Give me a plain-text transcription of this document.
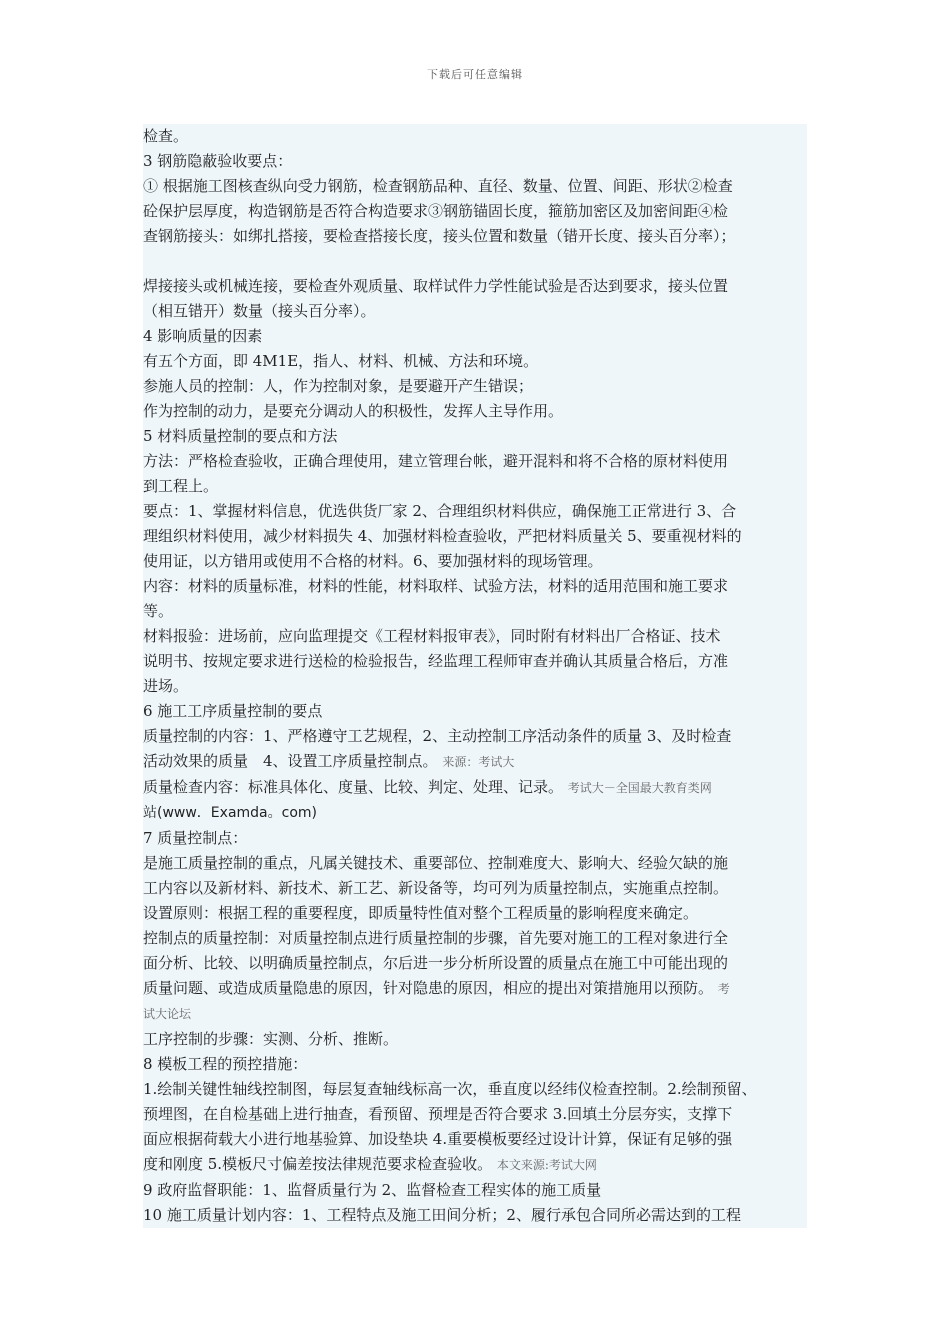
下载后可任意编辑
检查。
3 钢筋隐蔽验收要点：
① 根据施工图核查纵向受力钢筋，检查钢筋品种、直径、数量、位置、间距、形状②检查
砼保护层厚度，构造钢筋是否符合构造要求③钢筋锚固长度，箍筋加密区及加密间距④检
查钢筋接头：如绑扎搭接，要检查搭接长度，接头位置和数量（错开长度、接头百分率）；
焊接接头或机械连接，要检查外观质量、取样试件力学性能试验是否达到要求，接头位置
（相互错开）数量（接头百分率）。
4 影响质量的因素
有五个方面，即 4M1E，指人、材料、机械、方法和环境。
参施人员的控制：人，作为控制对象，是要避开产生错误；
作为控制的动力，是要充分调动人的积极性，发挥人主导作用。
5 材料质量控制的要点和方法
方法：严格检查验收，正确合理使用，建立管理台帐，避开混料和将不合格的原材料使用
到工程上。
要点：1、掌握材料信息，优选供货厂家 2、合理组织材料供应，确保施工正常进行 3、合
理组织材料使用，减少材料损失 4、加强材料检查验收，严把材料质量关 5、要重视材料的
使用证，以方错用或使用不合格的材料。6、要加强材料的现场管理。
内容：材料的质量标准，材料的性能，材料取样、试验方法，材料的适用范围和施工要求
等。
材料报验：进场前，应向监理提交《工程材料报审表》，同时附有材料出厂合格证、技术
说明书、按规定要求进行送检的检验报告，经监理工程师审查并确认其质量合格后，方准
进场。
6 施工工序质量控制的要点
质量控制的内容：1、严格遵守工艺规程，2、主动控制工序活动条件的质量 3、及时检查
活动效果的质量　4、设置工序质量控制点。 来源：考试大
质量检查内容：标准具体化、度量、比较、判定、处理、记录。 考试大－全国最大教育类网
站(www．Examda。com)
7 质量控制点：
是施工质量控制的重点，凡属关键技术、重要部位、控制难度大、影响大、经验欠缺的施
工内容以及新材料、新技术、新工艺、新设备等，均可列为质量控制点，实施重点控制。
设置原则：根据工程的重要程度，即质量特性值对整个工程质量的影响程度来确定。
控制点的质量控制：对质量控制点进行质量控制的步骤，首先要对施工的工程对象进行全
面分析、比较、以明确质量控制点，尔后进一步分析所设置的质量点在施工中可能出现的
质量问题、或造成质量隐患的原因，针对隐患的原因，相应的提出对策措施用以预防。 考
试大论坛
工序控制的步骤：实测、分析、推断。
8 模板工程的预控措施：
1.绘制关键性轴线控制图，每层复查轴线标高一次，垂直度以经纬仪检查控制。2.绘制预留、
预埋图，在自检基础上进行抽查，看预留、预埋是否符合要求 3.回填土分层夯实，支撑下
面应根据荷载大小进行地基验算、加设垫块 4.重要模板要经过设计计算，保证有足够的强
度和刚度 5.模板尺寸偏差按法律规范要求检查验收。 本文来源:考试大网
9 政府监督职能：1、监督质量行为 2、监督检查工程实体的施工质量
10 施工质量计划内容：1、工程特点及施工田间分析；2、履行承包合同所必需达到的工程
